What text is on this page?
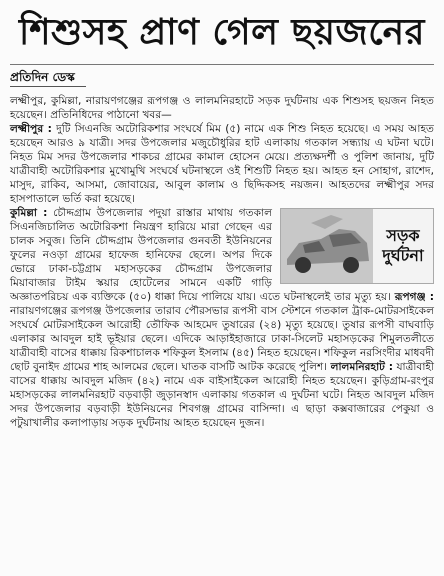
শিশুসহ প্রাণ গেল ছয়জনের
প্রতিদিন ডেস্ক

লক্ষ্মীপুর, কুমিল্লা, নারায়ণগঞ্জের রূপগঞ্জ ও লালমনিরহাটে সড়ক দুর্ঘটনায় এক শিশুসহ ছয়জন নিহত হয়েছেন। প্রতিনিধিদের পাঠানো খবর—

লক্ষ্মীপুর : দুটি সিএনজি অটোরিকশার সংঘর্ষে মিম (৫) নামে এক শিশু নিহত হয়েছে। এ সময় আহত হয়েছেন আরও ৯ যাত্রী। সদর উপজেলার মজুচৌধুরির হাট এলাকায় গতকাল সন্ধ্যায় এ ঘটনা ঘটে। নিহত মিম সদর উপজেলার শাকচর গ্রামের কামাল হোসেন মেয়ে। প্রত্যক্ষদর্শী ও পুলিশ জানায়, দুটি যাত্রীবাহী অটোরিকশার মুখোমুখি সংঘর্ষে ঘটনাস্থলে ওই শিশুটি নিহত হয়। আহত হন সোহাগ, রাশেদ, মাসুদ, রাকিব, আসমা, জোবায়ের, আবুল কালাম ও ছিদ্দিকসহ নয়জন। আহতদের লক্ষ্মীপুর সদর হাসপাতালে ভর্তি করা হয়েছে।

কুমিল্লা :
সড়ক
দুর্ঘটনা
চৌদ্দগ্রাম উপজেলার পদুয়া রাস্তার মাথায় গতকাল সিএনজিচালিত অটোরিকশা নিয়ন্ত্রণ হারিয়ে মারা গেছেন এর চালক সবুজ। তিনি চৌদ্দগ্রাম উপজেলার গুনবতী ইউনিয়নের ফুলের নওড়া গ্রামের হাফেজ হানিফের ছেলে। অপর দিকে ভোরে ঢাকা-চট্টগ্রাম মহাসড়কের চৌদ্দগ্রাম উপজেলার মিয়াবাজার টাইম স্কয়ার হোটেলের সামনে একটি গাড়ি অজ্ঞাতপরিচয় এক ব্যক্তিকে (৫০) ধাক্কা দিয়ে পালিয়ে যায়। এতে ঘটনাস্থলেই তার মৃত্যু হয়। রূপগঞ্জ : নারায়ণগঞ্জের রূপগঞ্জ উপজেলার তারাব পৌরসভার রূপসী বাস স্টেশনে গতকাল ট্রাক-মোটরসাইকেল সংঘর্ষে মোটরসাইকেল আরোহী তৌফিক আহমেদ তুষারের (২৪) মৃত্যু হয়েছে। তুষার রূপসী বাঘবাড়ি এলাকার আবদুল হাই ভূইয়ার ছেলে। এদিকে আড়াইহাজারে ঢাকা-সিলেট মহাসড়কের শিমুলতলীতে যাত্রীবাহী বাসের ধাক্কায় রিকশাচালক শফিকুল ইসলাম (৪৫) নিহত হয়েছেন। শফিকুল নরসিংদীর মাধবদী ছোট বুনাইদ গ্রামের শাহ আলমের ছেলে। ঘাতক বাসটি আটক করেছে পুলিশ। লালমনিরহাট : যাত্রীবাহী বাসের ধাক্কায় আবদুল মজিদ (৪২) নামে এক বাইসাইকেল আরোহী নিহত হয়েছেন। কুড়িগ্রাম-রংপুর মহাসড়কের লালমনিরহাট বড়বাড়ী জুড়ানস্বাদ এলাকায় গতকাল এ দুর্ঘটনা ঘটে। নিহত আবদুল মজিদ সদর উপজেলার বড়বাড়ী ইউনিয়নের শিবগঞ্জ গ্রামের বাসিন্দা। এ ছাড়া কক্সবাজারের পেকুয়া ও পটুয়াখালীর কলাপাড়ায় সড়ক দুর্ঘটনায় আহত হয়েছেন দুজন।
